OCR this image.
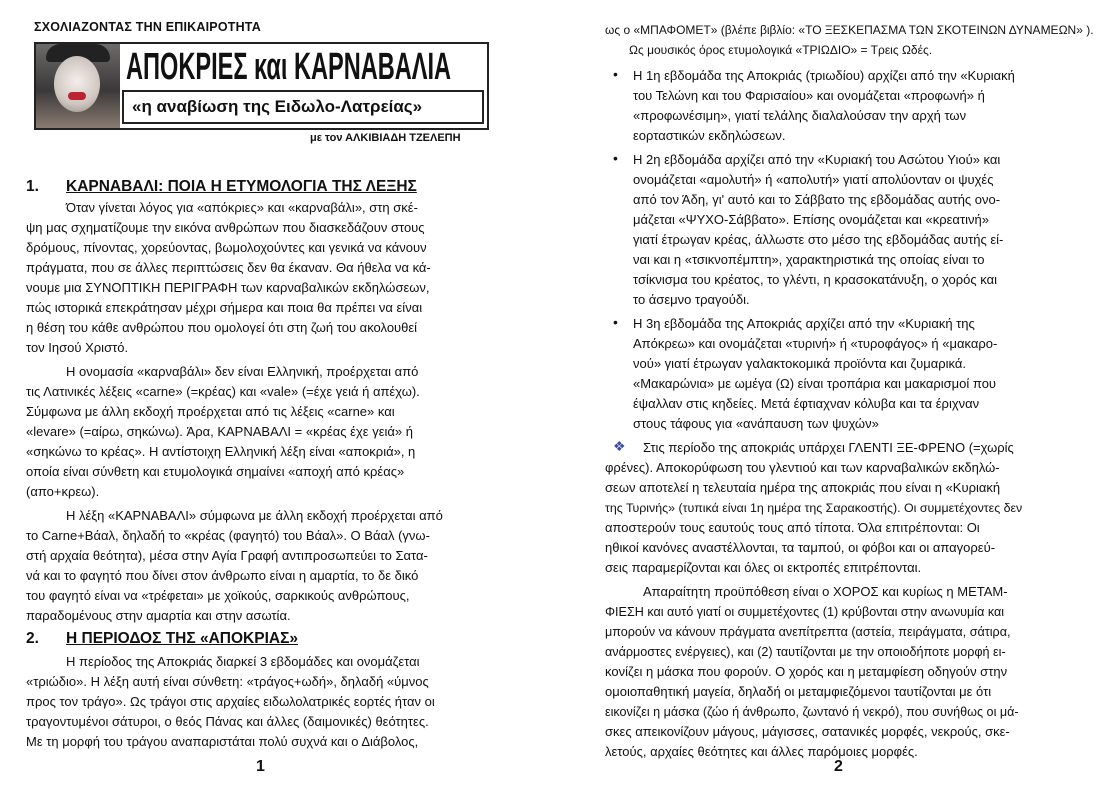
ΣΧΟΛΙΑΖΟΝΤΑΣ ΤΗΝ ΕΠΙΚΑΙΡΟΤΗΤΑ
ΑΠΟΚΡΙΕΣ και ΚΑΡΝΑΒΑΛΙΑ
«η αναβίωση της Ειδωλο-Λατρείας»
με τον ΑΛΚΙΒΙΑΔΗ ΤΖΕΛΕΠΗ
1. ΚΑΡΝΑΒΑΛΙ: ΠΟΙΑ Η ΕΤΥΜΟΛΟΓΙΑ ΤΗΣ ΛΕΞΗΣ
Όταν γίνεται λόγος για «απόκριες» και «καρναβάλι», στη σκέ-
ψη μας σχηματίζουμε την εικόνα ανθρώπων που διασκεδάζουν στους
δρόμους, πίνοντας, χορεύοντας, βωμολοχούντες και γενικά να κάνουν
πράγματα, που σε άλλες περιπτώσεις δεν θα έκαναν. Θα ήθελα να κά-
νουμε μια ΣΥΝΟΠΤΙΚΗ ΠΕΡΙΓΡΑΦΗ των καρναβαλικών εκδηλώσεων,
πώς ιστορικά επεκράτησαν μέχρι σήμερα και ποια θα πρέπει να είναι
η θέση του κάθε ανθρώπου που ομολογεί ότι στη ζωή του ακολουθεί
τον Ιησού Χριστό.
Η ονομασία «καρναβάλι» δεν είναι Ελληνική, προέρχεται από
τις Λατινικές λέξεις «carne» (=κρέας) και «vale» (=έχε γειά ή απέχω).
Σύμφωνα με άλλη εκδοχή προέρχεται από τις λέξεις «carne» και
«levare» (=αίρω, σηκώνω). Άρα, ΚΑΡΝΑΒΑΛΙ = «κρέας έχε γειά» ή
«σηκώνω το κρέας». Η αντίστοιχη Ελληνική λέξη είναι «αποκριά», η
οποία είναι σύνθετη και ετυμολογικά σημαίνει «αποχή από κρέας»
(απο+κρεω).
Η λέξη «ΚΑΡΝΑΒΑΛΙ» σύμφωνα με άλλη εκδοχή προέρχεται από
το Carne+Βάαλ, δηλαδή το «κρέας (φαγητό) του Βάαλ». Ο Βάαλ (γνω-
στή αρχαία θεότητα), μέσα στην Αγία Γραφή αντιπροσωπεύει το Σατα-
νά και το φαγητό που δίνει στον άνθρωπο είναι η αμαρτία, το δε δικό
του φαγητό είναι να «τρέφεται» με χοϊκούς, σαρκικούς ανθρώπους,
παραδομένους στην αμαρτία και στην ασωτία.
2. Η ΠΕΡΙΟΔΟΣ ΤΗΣ «ΑΠΟΚΡΙΑΣ»
Η περίοδος της Αποκριάς διαρκεί 3 εβδομάδες και ονομάζεται
«τριώδιο». Η λέξη αυτή είναι σύνθετη: «τράγος+ωδή», δηλαδή «ύμνος
προς τον τράγο». Ως τράγοι στις αρχαίες ειδωλολατρικές εορτές ήταν οι
τραγοντυμένοι σάτυροι, ο θεός Πάνας και άλλες (δαιμονικές) θεότητες.
Με τη μορφή του τράγου αναπαριστάται πολύ συχνά και ο Διάβολος,
1
ως ο «ΜΠΑΦΟΜΕΤ» (βλέπε βιβλίο: «ΤΟ ΞΕΣΚΕΠΑΣΜΑ ΤΩΝ ΣΚΟΤΕΙΝΩΝ ΔΥΝΑΜΕΩΝ» ).
Ως μουσικός όρος ετυμολογικά «ΤΡΙΩΔΙΟ» = Τρεις Ωδές.
• Η 1η εβδομάδα της Αποκριάς (τριωδίου) αρχίζει από την «Κυριακή
του Τελώνη και του Φαρισαίου» και ονομάζεται «προφωνή» ή
«προφωνέσιμη», γιατί τελάλης διαλαλούσαν την αρχή των
εορταστικών εκδηλώσεων.
• Η 2η εβδομάδα αρχίζει από την «Κυριακή του Ασώτου Υιού» και
ονομάζεται «αμολυτή» ή «απολυτή» γιατί απολύονταν οι ψυχές
από τον Άδη, γι' αυτό και το Σάββατο της εβδομάδας αυτής ονο-
μάζεται «ΨΥΧΟ-Σάββατο». Επίσης ονομάζεται και «κρεατινή»
γιατί έτρωγαν κρέας, άλλωστε στο μέσο της εβδομάδας αυτής εί-
ναι και η «τσικνοπέμπτη», χαρακτηριστικά της οποίας είναι το
τσίκνισμα του κρέατος, το γλέντι, η κρασοκατάνυξη, ο χορός και
το άσεμνο τραγούδι.
• Η 3η εβδομάδα της Αποκριάς αρχίζει από την «Κυριακή της
Απόκρεω» και ονομάζεται «τυρινή» ή «τυροφάγος» ή «μακαρο-
νού» γιατί έτρωγαν γαλακτοκομικά προϊόντα και ζυμαρικά.
«Μακαρώνια» με ωμέγα (Ω) είναι τροπάρια και μακαρισμοί που
έψαλλαν στις κηδείες. Μετά έφτιαχναν κόλυβα και τα έριχναν
στους τάφους για «ανάπαυση των ψυχών»
❖ Στις περίοδο της αποκριάς υπάρχει ΓΛΕΝΤΙ ΞΕ-ΦΡΕΝΟ (=χωρίς
φρένες). Αποκορύφωση του γλεντιού και των καρναβαλικών εκδηλώ-
σεων αποτελεί η τελευταία ημέρα της αποκριάς που είναι η «Κυριακή
της Τυρινής» (τυπικά είναι 1η ημέρα της Σαρακοστής). Οι συμμετέχοντες δεν
αποστερούν τους εαυτούς τους από τίποτα. Όλα επιτρέπονται: Οι
ηθικοί κανόνες αναστέλλονται, τα ταμπού, οι φόβοι και οι απαγορεύ-
σεις παραμερίζονται και όλες οι εκτροπές επιτρέπονται.
Απαραίτητη προϋπόθεση είναι ο ΧΟΡΟΣ και κυρίως η ΜΕΤΑΜ-
ΦΙΕΣΗ και αυτό γιατί οι συμμετέχοντες (1) κρύβονται στην ανωνυμία και
μπορούν να κάνουν πράγματα ανεπίτρεπτα (αστεία, πειράγματα, σάτιρα,
ανάρμοστες ενέργειες), και (2) ταυτίζονται με την οποιοδήποτε μορφή ει-
κονίζει η μάσκα που φορούν. Ο χορός και η μεταμφίεση οδηγούν στην
ομοιοπαθητική μαγεία, δηλαδή οι μεταμφιεζόμενοι ταυτίζονται με ότι
εικονίζει η μάσκα (ζώο ή άνθρωπο, ζωντανό ή νεκρό), που συνήθως οι μά-
σκες απεικονίζουν μάγους, μάγισσες, σατανικές μορφές, νεκρούς, σκε-
λετούς, αρχαίες θεότητες και άλλες παρόμοιες μορφές.
2
